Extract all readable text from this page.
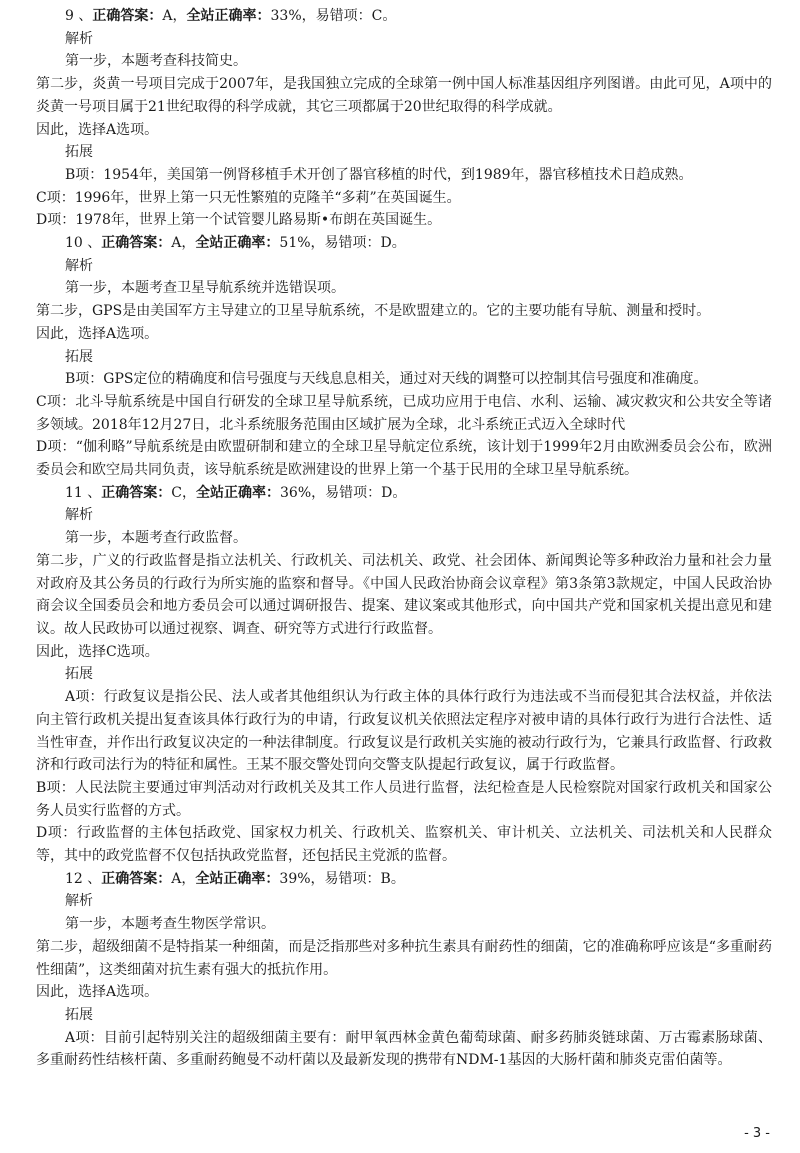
9 、正确答案：A，全站正确率：33%，易错项：C。

解析

第一步，本题考查科技简史。

第二步，炎黄一号项目完成于2007年，是我国独立完成的全球第一例中国人标准基因组序列图谱。由此可见，A项中的炎黄一号项目属于21世纪取得的科学成就，其它三项都属于20世纪取得的科学成就。

因此，选择A选项。

拓展

B项：1954年，美国第一例肾移植手术开创了器官移植的时代，到1989年，器官移植技术日趋成熟。

C项：1996年，世界上第一只无性繁殖的克隆羊“多莉”在英国诞生。

D项：1978年，世界上第一个试管婴儿路易斯•布朗在英国诞生。

10 、正确答案：A，全站正确率：51%，易错项：D。

解析

第一步，本题考查卫星导航系统并选错误项。

第二步，GPS是由美国军方主导建立的卫星导航系统，不是欧盟建立的。它的主要功能有导航、测量和授时。

因此，选择A选项。

拓展

B项：GPS定位的精确度和信号强度与天线息息相关，通过对天线的调整可以控制其信号强度和准确度。

C项：北斗导航系统是中国自行研发的全球卫星导航系统，已成功应用于电信、水利、运输、减灾救灾和公共安全等诸多领域。2018年12月27日，北斗系统服务范围由区域扩展为全球，北斗系统正式迈入全球时代

D项：“伽利略”导航系统是由欧盟研制和建立的全球卫星导航定位系统，该计划于1999年2月由欧洲委员会公布，欧洲委员会和欧空局共同负责，该导航系统是欧洲建设的世界上第一个基于民用的全球卫星导航系统。

11 、正确答案：C，全站正确率：36%，易错项：D。

解析

第一步，本题考查行政监督。

第二步，广义的行政监督是指立法机关、行政机关、司法机关、政党、社会团体、新闻舆论等多种政治力量和社会力量对政府及其公务员的行政行为所实施的监察和督导。《中国人民政治协商会议章程》第3条第3款规定，中国人民政治协商会议全国委员会和地方委员会可以通过调研报告、提案、建议案或其他形式，向中国共产党和国家机关提出意见和建议。故人民政协可以通过视察、调查、研究等方式进行行政监督。

因此，选择C选项。

拓展

A项：行政复议是指公民、法人或者其他组织认为行政主体的具体行政行为违法或不当而侵犯其合法权益，并依法向主管行政机关提出复查该具体行政行为的申请，行政复议机关依照法定程序对被申请的具体行政行为进行合法性、适当性审查，并作出行政复议决定的一种法律制度。行政复议是行政机关实施的被动行政行为，它兼具行政监督、行政救济和行政司法行为的特征和属性。王某不服交警处罚向交警支队提起行政复议，属于行政监督。

B项：人民法院主要通过审判活动对行政机关及其工作人员进行监督，法纪检查是人民检察院对国家行政机关和国家公务人员实行监督的方式。

D项：行政监督的主体包括政党、国家权力机关、行政机关、监察机关、审计机关、立法机关、司法机关和人民群众等，其中的政党监督不仅包括执政党监督，还包括民主党派的监督。

12 、正确答案：A，全站正确率：39%，易错项：B。

解析

第一步，本题考查生物医学常识。

第二步，超级细菌不是特指某一种细菌，而是泛指那些对多种抗生素具有耐药性的细菌，它的准确称呼应该是“多重耐药性细菌”，这类细菌对抗生素有强大的抵抗作用。

因此，选择A选项。

拓展

A项：目前引起特别关注的超级细菌主要有：耐甲氧西林金黄色葡萄球菌、耐多药肺炎链球菌、万古霉素肠球菌、多重耐药性结核杆菌、多重耐药鲍曼不动杆菌以及最新发现的携带有NDM-1基因的大肠杆菌和肺炎克雷伯菌等。

- 3 -
